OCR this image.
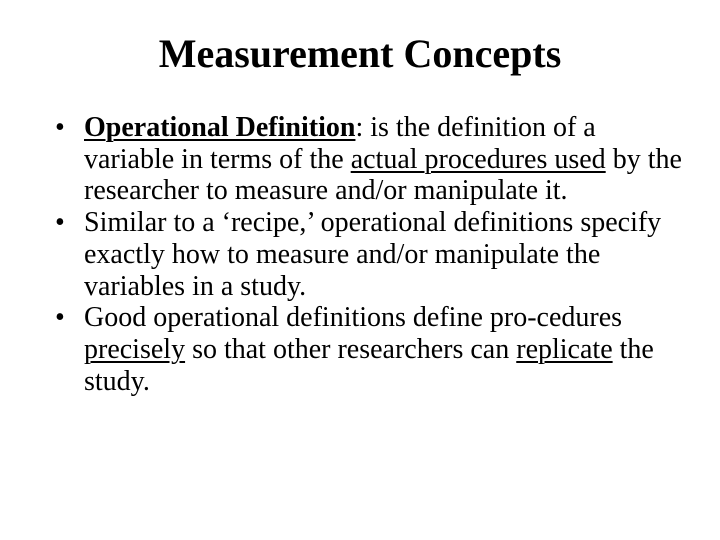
Measurement Concepts
• Operational Definition: is the definition of a variable in terms of the actual procedures used by the researcher to measure and/or manipulate it.
• Similar to a ‘recipe,’ operational definitions specify exactly how to measure and/or manipulate the variables in a study.
• Good operational definitions define pro-cedures precisely so that other researchers can replicate the study.
